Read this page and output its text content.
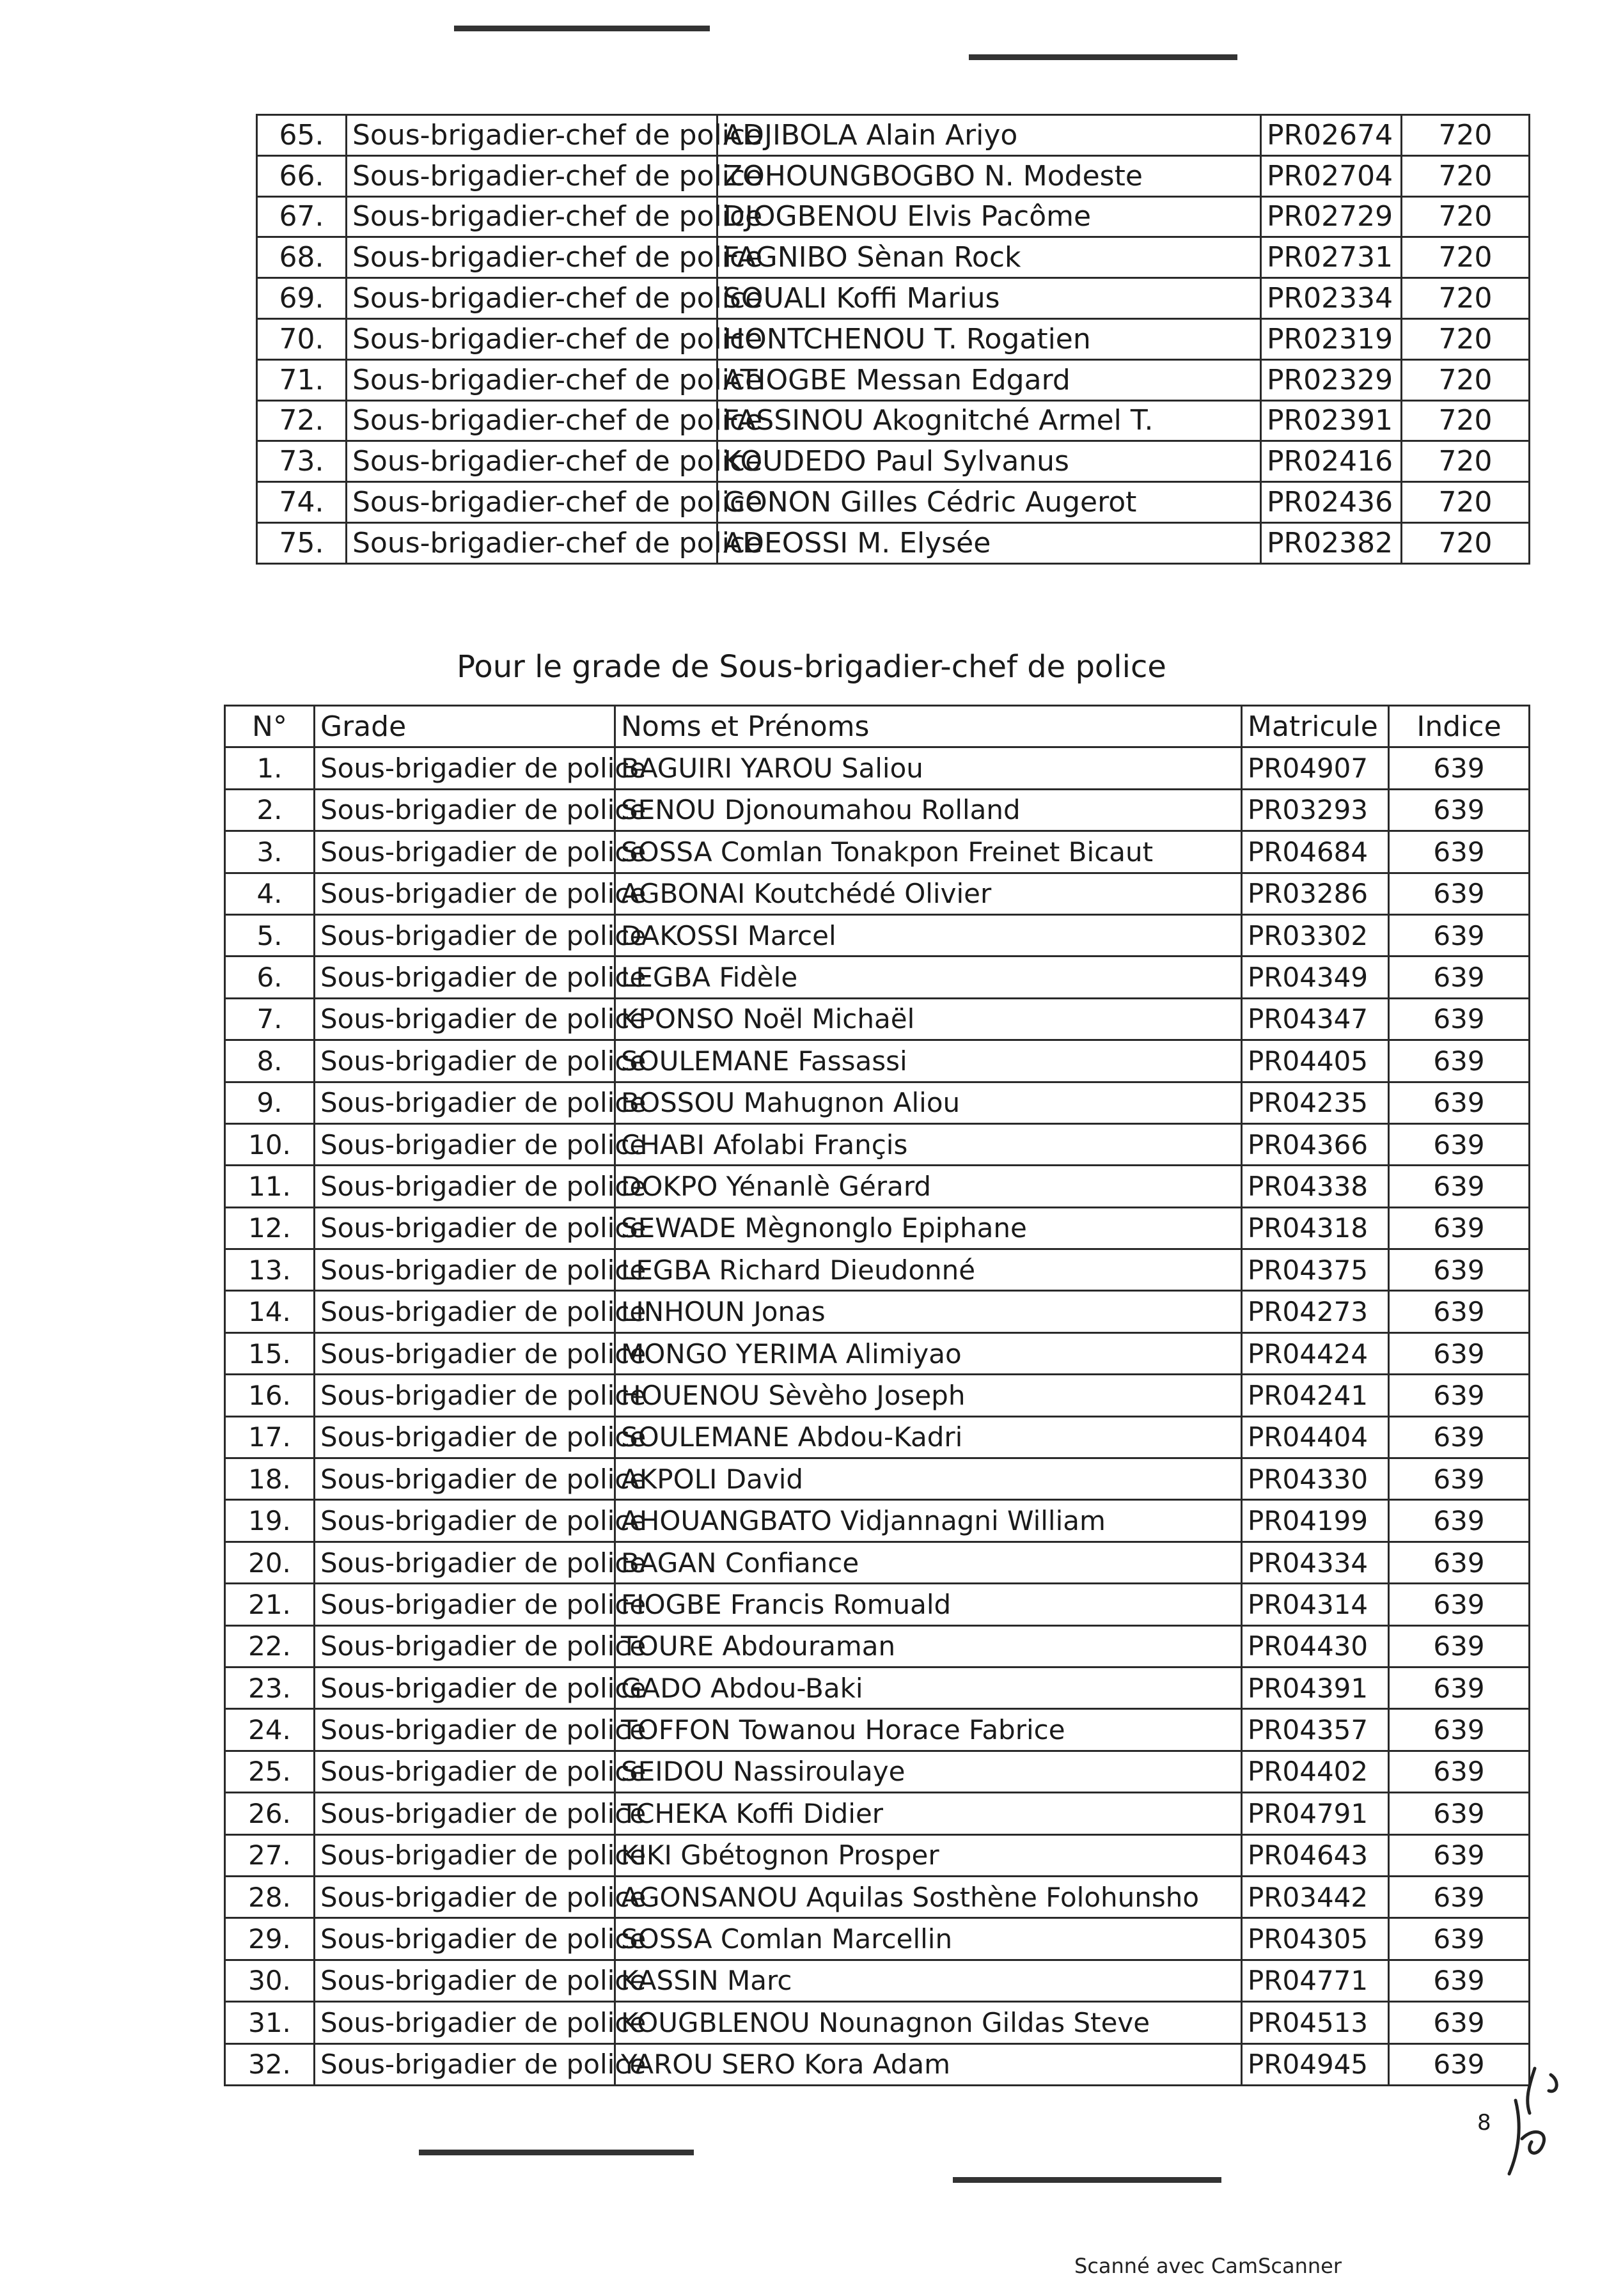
65.	Sous-brigadier-chef de police	ADJIBOLA Alain Ariyo	PR02674	720
66.	Sous-brigadier-chef de police	ZOHOUNGBOGBO N. Modeste	PR02704	720
67.	Sous-brigadier-chef de police	DJOGBENOU Elvis Pacôme	PR02729	720
68.	Sous-brigadier-chef de police	FAGNIBO Sènan Rock	PR02731	720
69.	Sous-brigadier-chef de police	SOUALI Koffi Marius	PR02334	720
70.	Sous-brigadier-chef de police	HONTCHENOU T. Rogatien	PR02319	720
71.	Sous-brigadier-chef de police	ATIOGBE Messan Edgard	PR02329	720
72.	Sous-brigadier-chef de police	FASSINOU Akognitché Armel T.	PR02391	720
73.	Sous-brigadier-chef de police	KOUDEDO Paul Sylvanus	PR02416	720
74.	Sous-brigadier-chef de police	GONON Gilles Cédric Augerot	PR02436	720
75.	Sous-brigadier-chef de police	ADEOSSI M. Elysée	PR02382	720
Pour le grade de Sous-brigadier-chef de police
N°	Grade	Noms et Prénoms	Matricule	Indice
1.	Sous-brigadier de police	BAGUIRI YAROU Saliou	PR04907	639
2.	Sous-brigadier de police	SENOU Djonoumahou Rolland	PR03293	639
3.	Sous-brigadier de police	SOSSA Comlan Tonakpon Freinet Bicaut	PR04684	639
4.	Sous-brigadier de police	AGBONAI Koutchédé Olivier	PR03286	639
5.	Sous-brigadier de police	DAKOSSI Marcel	PR03302	639
6.	Sous-brigadier de police	LEGBA Fidèle	PR04349	639
7.	Sous-brigadier de police	KPONSO Noël Michaël	PR04347	639
8.	Sous-brigadier de police	SOULEMANE Fassassi	PR04405	639
9.	Sous-brigadier de police	BOSSOU Mahugnon Aliou	PR04235	639
10.	Sous-brigadier de police	CHABI Afolabi Françis	PR04366	639
11.	Sous-brigadier de police	DOKPO Yénanlè Gérard	PR04338	639
12.	Sous-brigadier de police	SEWADE Mègnonglo Epiphane	PR04318	639
13.	Sous-brigadier de police	LEGBA Richard Dieudonné	PR04375	639
14.	Sous-brigadier de police	LINHOUN Jonas	PR04273	639
15.	Sous-brigadier de police	MONGO YERIMA Alimiyao	PR04424	639
16.	Sous-brigadier de police	HOUENOU Sèvèho Joseph	PR04241	639
17.	Sous-brigadier de police	SOULEMANE Abdou-Kadri	PR04404	639
18.	Sous-brigadier de police	AKPOLI David	PR04330	639
19.	Sous-brigadier de police	AHOUANGBATO Vidjannagni William	PR04199	639
20.	Sous-brigadier de police	BAGAN Confiance	PR04334	639
21.	Sous-brigadier de police	FIOGBE Francis Romuald	PR04314	639
22.	Sous-brigadier de police	TOURE Abdouraman	PR04430	639
23.	Sous-brigadier de police	GADO Abdou-Baki	PR04391	639
24.	Sous-brigadier de police	TOFFON Towanou Horace Fabrice	PR04357	639
25.	Sous-brigadier de police	SEIDOU Nassiroulaye	PR04402	639
26.	Sous-brigadier de police	TCHEKA Koffi Didier	PR04791	639
27.	Sous-brigadier de police	KIKI Gbétognon Prosper	PR04643	639
28.	Sous-brigadier de police	AGONSANOU Aquilas Sosthène Folohunsho	PR03442	639
29.	Sous-brigadier de police	SOSSA Comlan Marcellin	PR04305	639
30.	Sous-brigadier de police	KASSIN Marc	PR04771	639
31.	Sous-brigadier de police	KOUGBLENOU Nounagnon Gildas Steve	PR04513	639
32.	Sous-brigadier de police	YAROU SERO Kora Adam	PR04945	639
8
Scanné avec CamScanner
